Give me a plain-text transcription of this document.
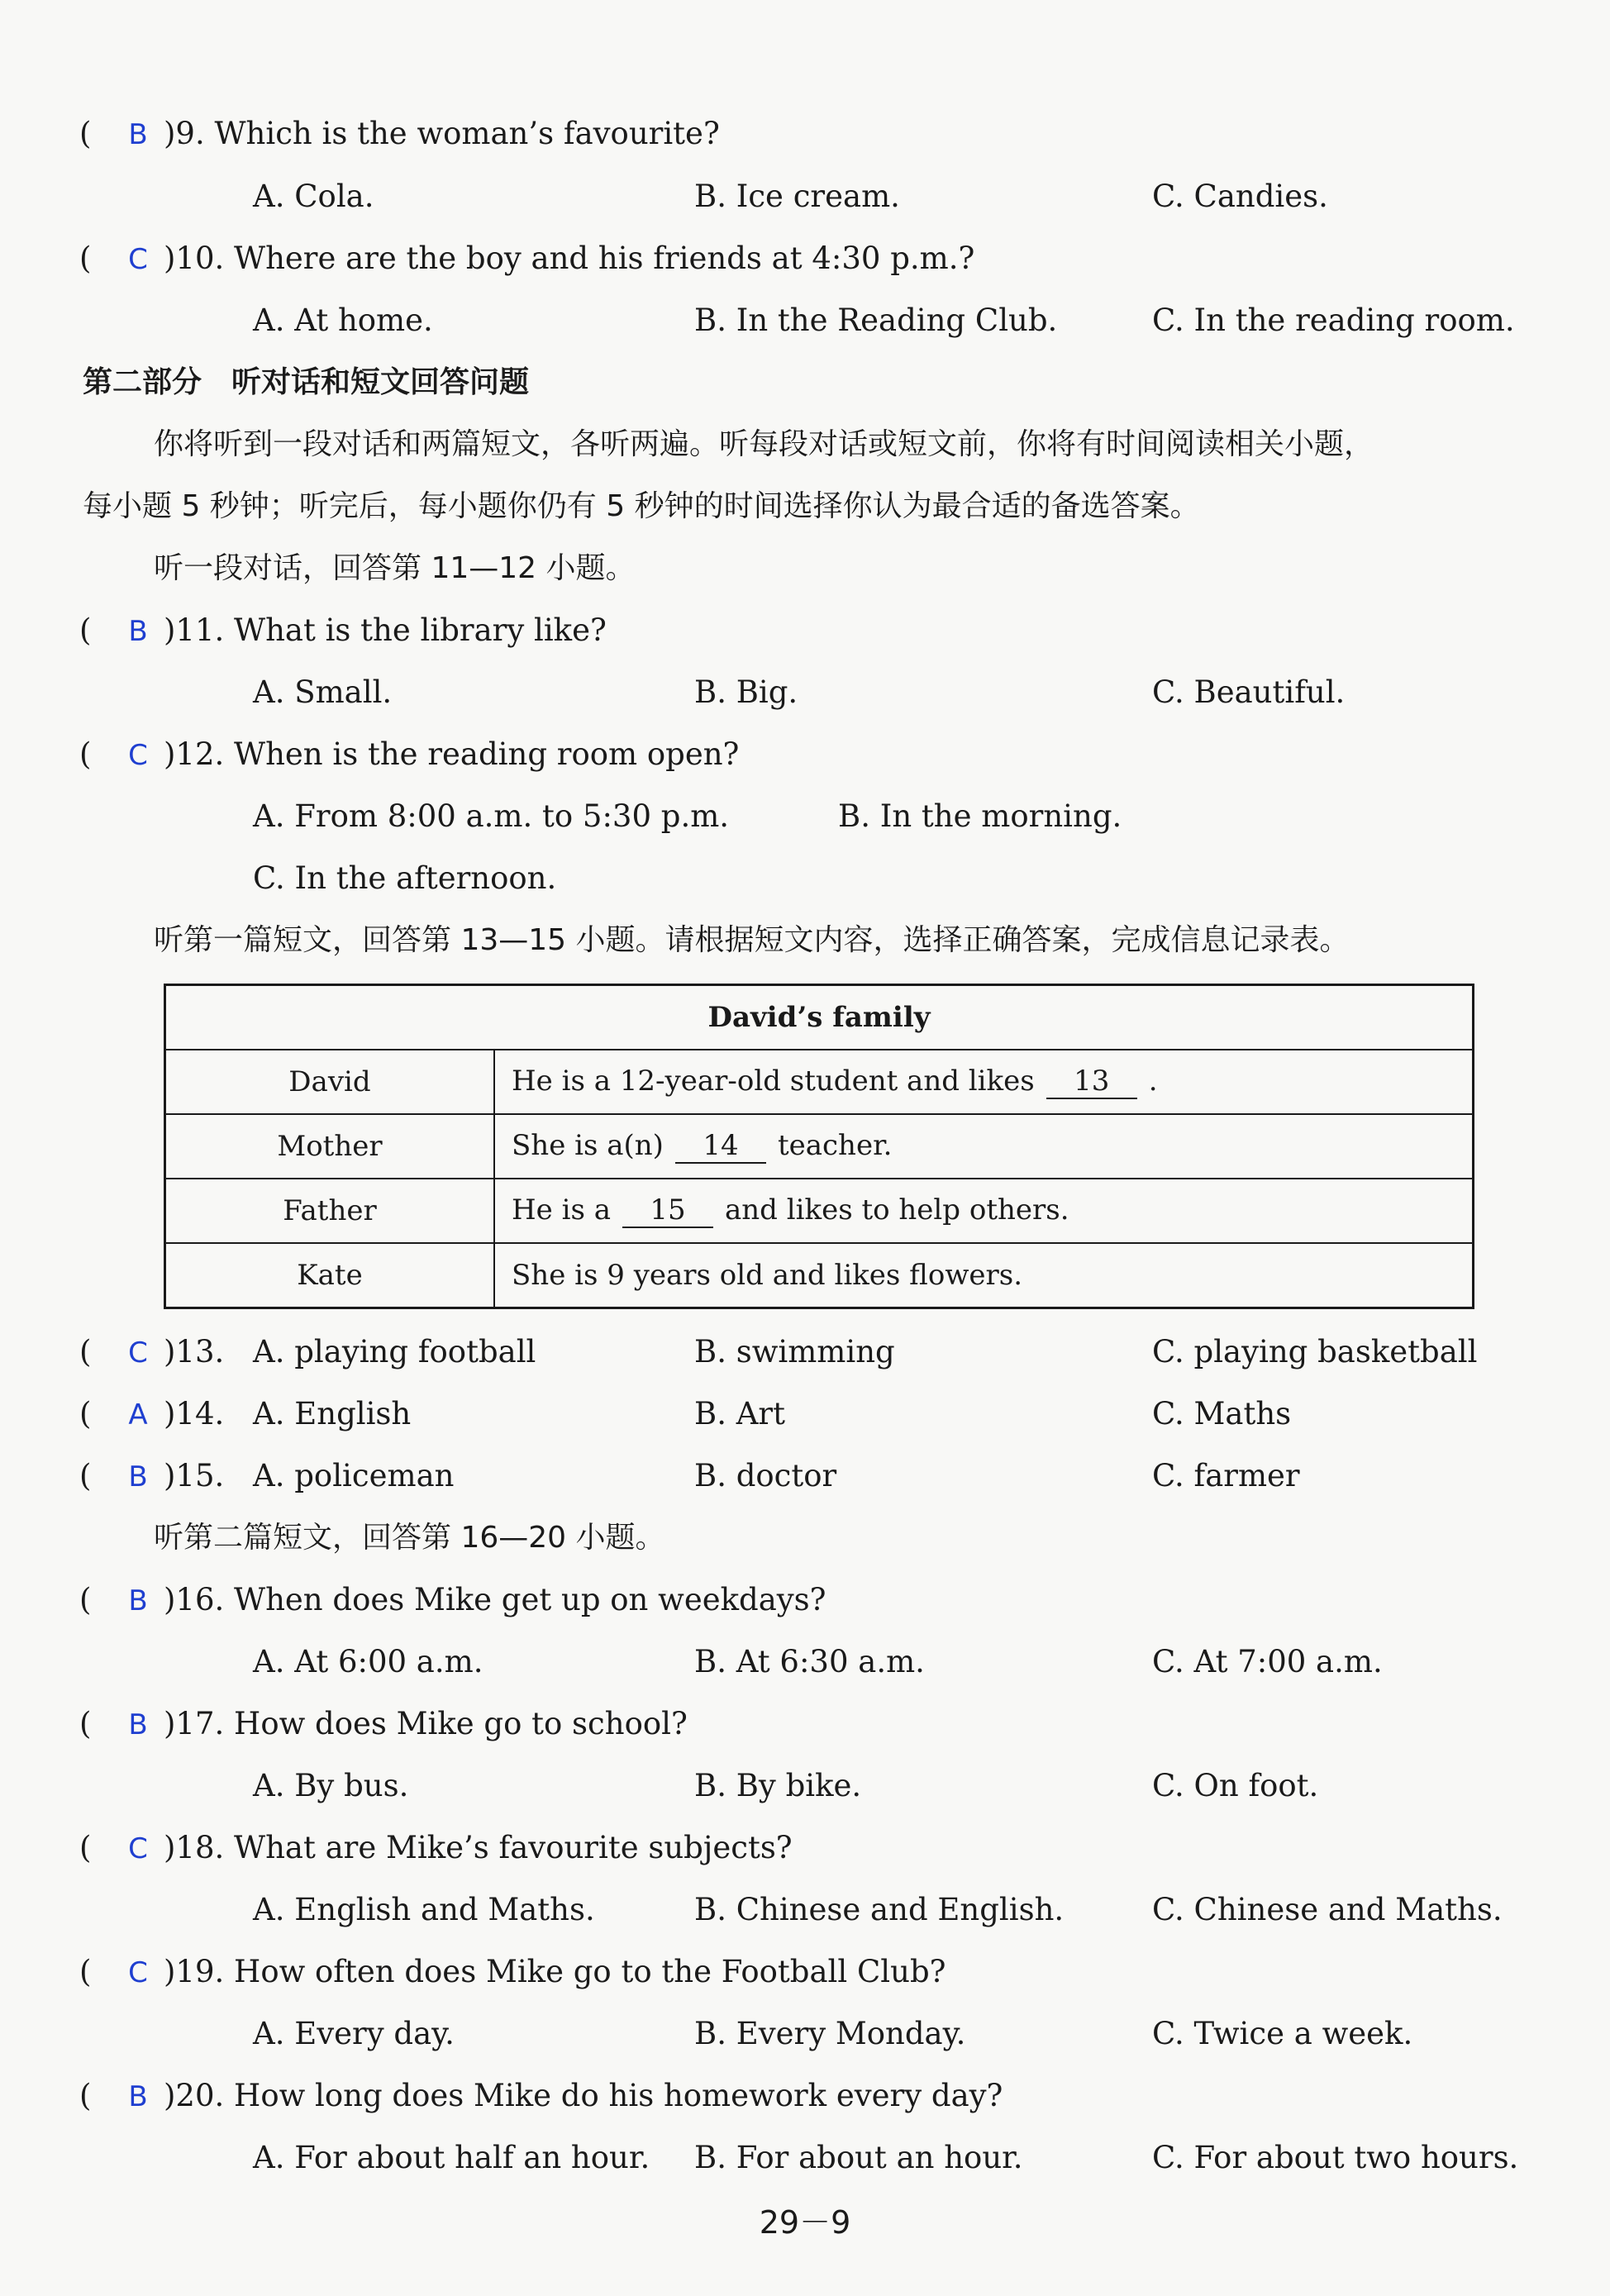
( B )9. Which is the woman’s favourite?
A. Cola.	B. Ice cream.	C. Candies.
( C )10. Where are the boy and his friends at 4:30 p.m.?
A. At home.	B. In the Reading Club.	C. In the reading room.
第二部分　听对话和短文回答问题
你将听到一段对话和两篇短文，各听两遍。听每段对话或短文前，你将有时间阅读相关小题，
每小题 5 秒钟；听完后，每小题你仍有 5 秒钟的时间选择你认为最合适的备选答案。
听一段对话，回答第 11—12 小题。
( B )11. What is the library like?
A. Small.	B. Big.	C. Beautiful.
( C )12. When is the reading room open?
A. From 8:00 a.m. to 5:30 p.m.	B. In the morning.
C. In the afternoon.
听第一篇短文，回答第 13—15 小题。请根据短文内容，选择正确答案，完成信息记录表。
David’s family	
David	He is a 12-year-old student and likes 13 .
Mother	She is a(n) 14 teacher.
Father	He is a 15 and likes to help others.
Kate	She is 9 years old and likes flowers.
( C )13. A. playing football	B. swimming	C. playing basketball
( A )14. A. English	B. Art	C. Maths
( B )15. A. policeman	B. doctor	C. farmer
听第二篇短文，回答第 16—20 小题。
( B )16. When does Mike get up on weekdays?
A. At 6:00 a.m.	B. At 6:30 a.m.	C. At 7:00 a.m.
( B )17. How does Mike go to school?
A. By bus.	B. By bike.	C. On foot.
( C )18. What are Mike’s favourite subjects?
A. English and Maths.	B. Chinese and English.	C. Chinese and Maths.
( C )19. How often does Mike go to the Football Club?
A. Every day.	B. Every Monday.	C. Twice a week.
( B )20. How long does Mike do his homework every day?
A. For about half an hour. B. For about an hour.	C. For about two hours.
29－9
